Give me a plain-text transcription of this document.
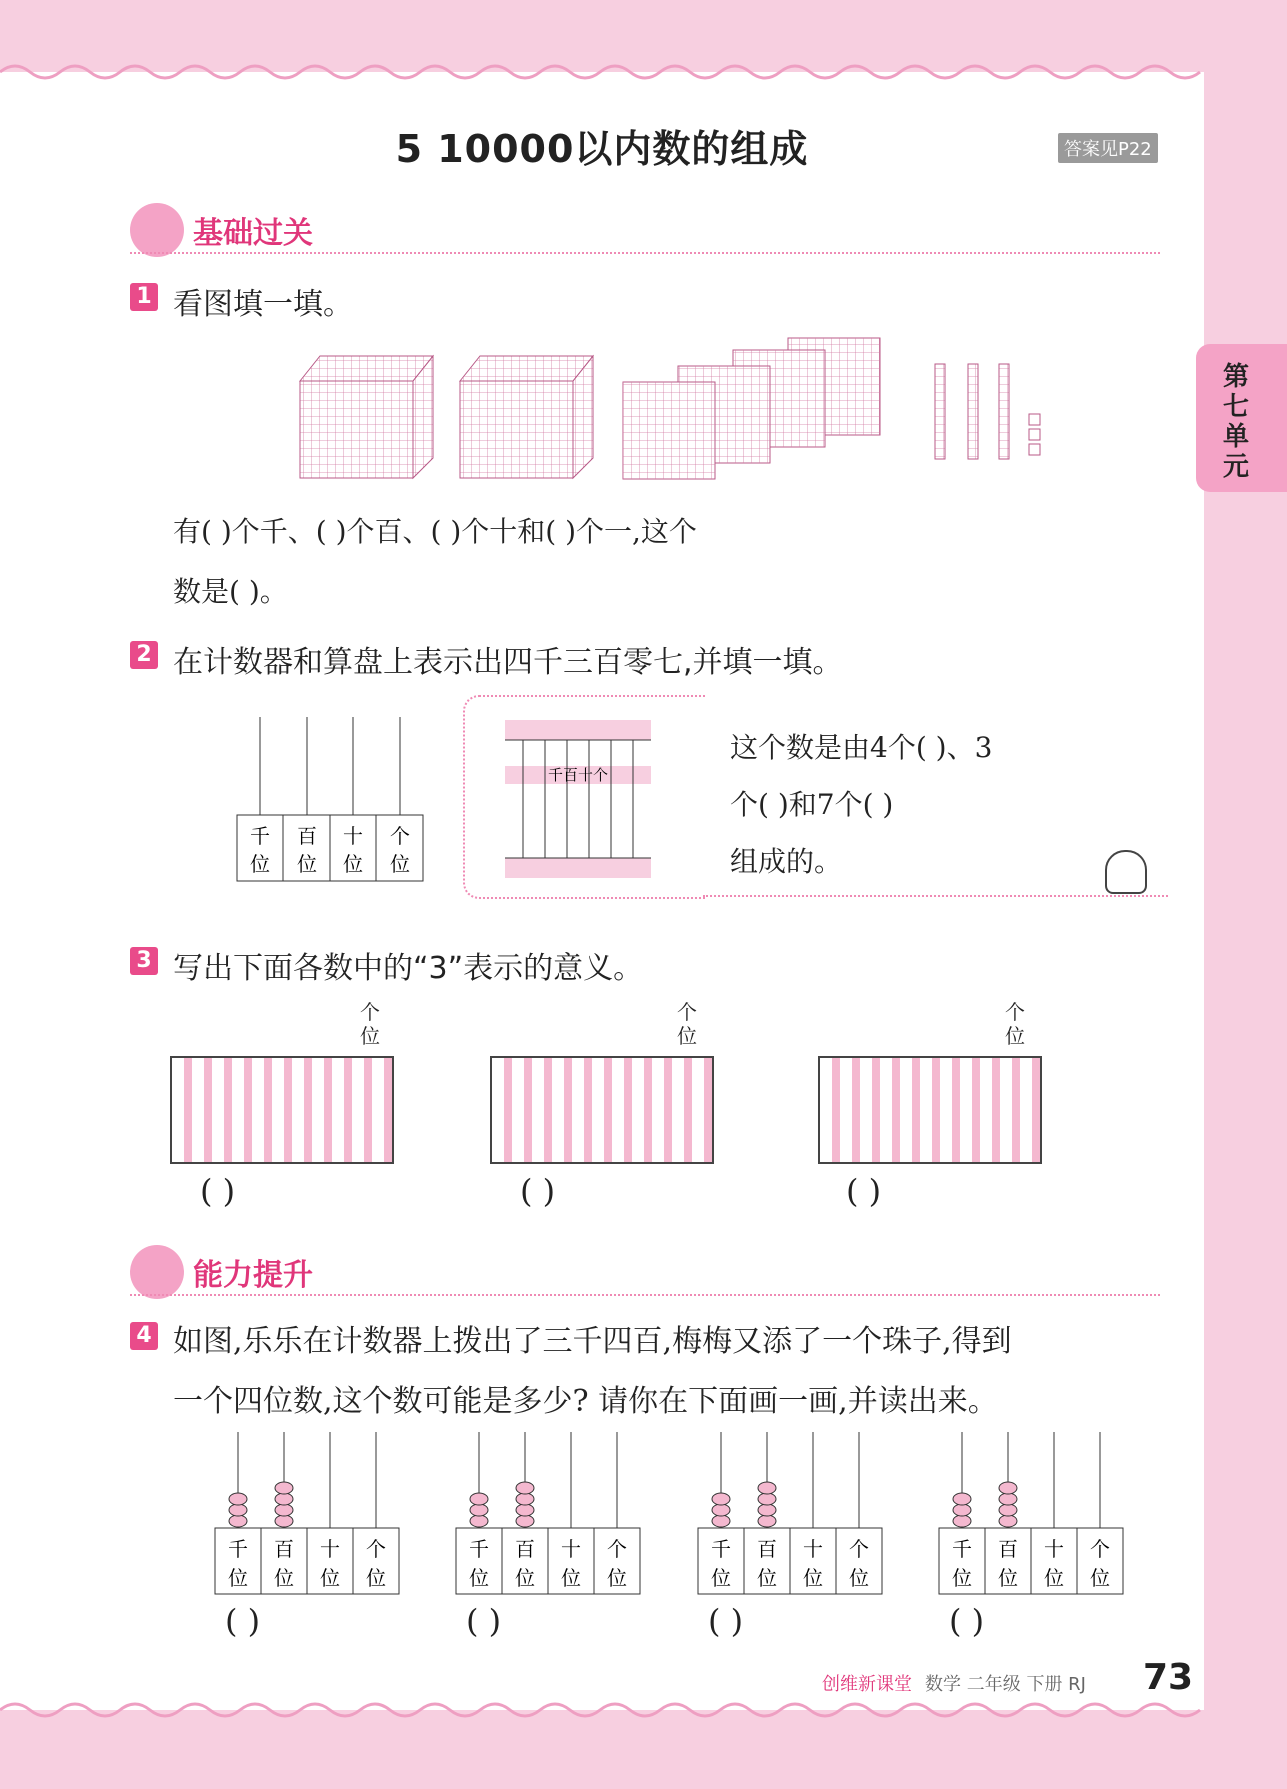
5 10000以内数的组成	答案见P22
第七单元
基础过关
1 看图填一填。
有( )个千、( )个百、( )个十和( )个一,这个
数是( )。
2 在计数器和算盘上表示出四千三百零七,并填一填。
千
位
百
位
十
位
个
位
千百十个
这个数是由4个( )、3
个( )和7个( )
组成的。
3 写出下面各数中的“3”表示的意义。
个
位
( )
个
位
( )
个
位
( )
能力提升
4 如图,乐乐在计数器上拨出了三千四百,梅梅又添了一个珠子,得到
一个四位数,这个数可能是多少? 请你在下面画一画,并读出来。
千
位
百
位
十
位
个
位
( )
千
位
百
位
十
位
个
位
( )
千
位
百
位
十
位
个
位
( )
千
位
百
位
十
位
个
位
( )
创维新课堂 数学 二年级 下册 RJ 73
